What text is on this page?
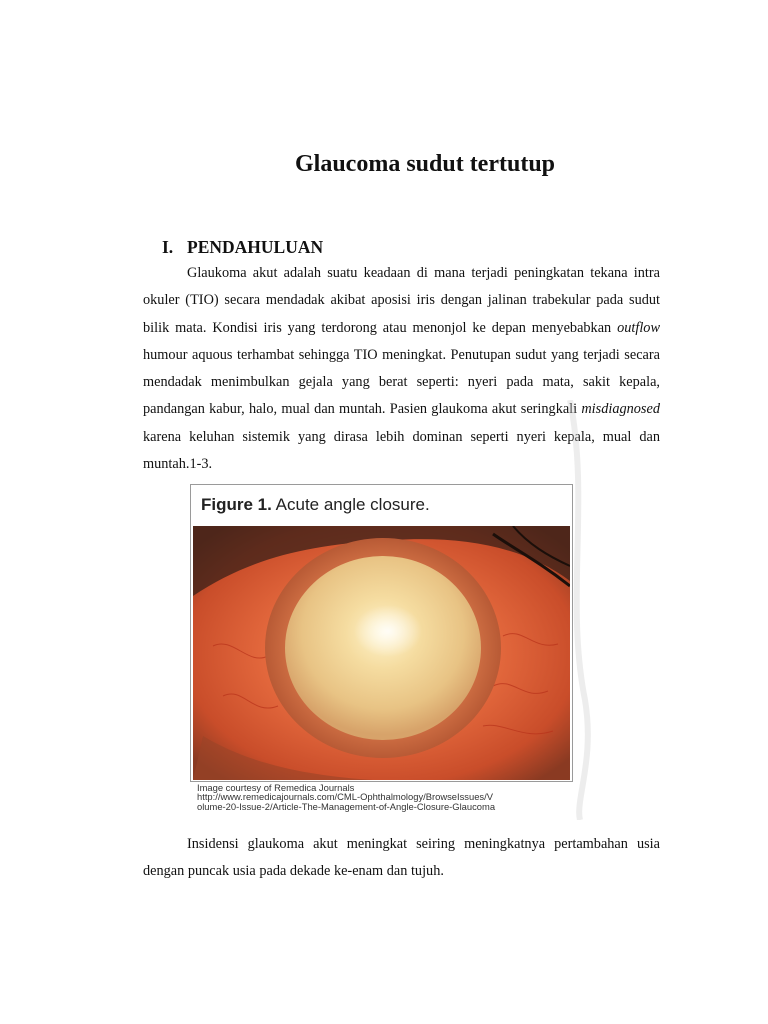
Glaucoma sudut tertutup
I. PENDAHULUAN

Glaukoma akut adalah suatu keadaan di mana terjadi peningkatan tekana intra okuler (TIO) secara mendadak akibat aposisi iris dengan jalinan trabekular pada sudut bilik mata. Kondisi iris yang terdorong atau menonjol ke depan menyebabkan outflow humour aquous terhambat sehingga TIO meningkat. Penutupan sudut yang terjadi secara mendadak menimbulkan gejala yang berat seperti: nyeri pada mata, sakit kepala, pandangan kabur, halo, mual dan muntah. Pasien glaukoma akut seringkali misdiagnosed karena keluhan sistemik yang dirasa lebih dominan seperti nyeri kepala, mual dan muntah.1-3.

Figure 1. Acute angle closure.
Image courtesy of Remedica Journals
http://www.remedicajournals.com/CML-Ophthalmology/BrowseIssues/V
olume-20-Issue-2/Article-The-Management-of-Angle-Closure-Glaucoma

Insidensi glaukoma akut meningkat seiring meningkatnya pertambahan usia dengan puncak usia pada dekade ke-enam dan tujuh.
